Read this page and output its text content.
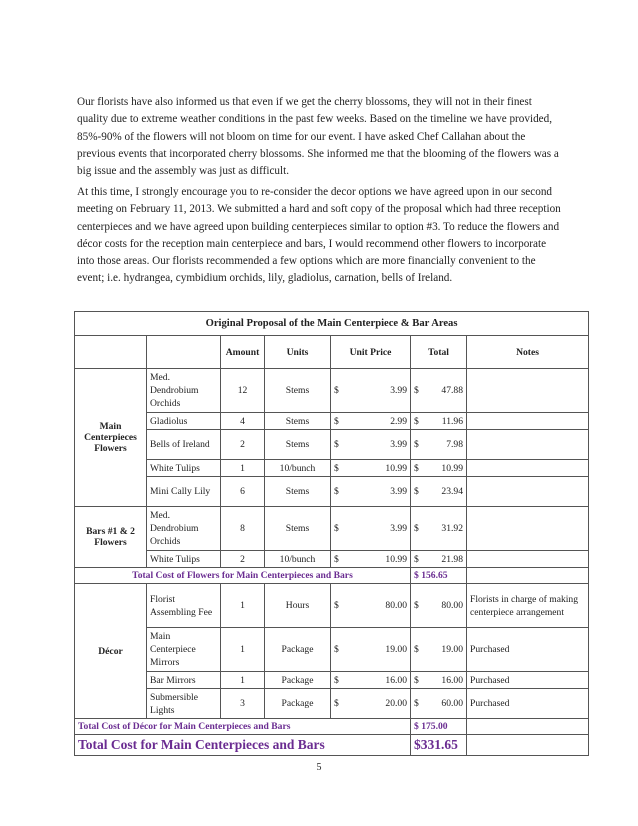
Our florists have also informed us that even if we get the cherry blossoms, they will not in their finest quality due to extreme weather conditions in the past few weeks. Based on the timeline we have provided, 85%-90% of the flowers will not bloom on time for our event. I have asked Chef Callahan about the previous events that incorporated cherry blossoms. She informed me that the blooming of the flowers was a big issue and the assembly was just as difficult.

At this time, I strongly encourage you to re-consider the decor options we have agreed upon in our second meeting on February 11, 2013. We submitted a hard and soft copy of the proposal which had three reception centerpieces and we have agreed upon building centerpieces similar to option #3. To reduce the flowers and décor costs for the reception main centerpiece and bars, I would recommend other flowers to incorporate into those areas. Our florists recommended a few options which are more financially convenient to the event; i.e. hydrangea, cymbidium orchids, lily, gladiolus, carnation, bells of Ireland.

Original Proposal of the Main Centerpiece & Bar Areas						
		Amount	Units	Unit Price	Total	Notes
Main Centerpieces Flowers	Med. Dendrobium Orchids	12	Stems	$ 3.99	$ 47.88	

	Gladiolus	4	Stems	$ 2.99	$ 11.96	

	Bells of Ireland	2	Stems	$ 3.99	$ 7.98	

	White Tulips	1	10/bunch	$ 10.99	$ 10.99	

	Mini Cally Lily	6	Stems	$ 3.99	$ 23.94	

Bars #1 & 2 Flowers	Med. Dendrobium Orchids	8	Stems	$ 3.99	$ 31.92	

	White Tulips	2	10/bunch	$ 10.99	$ 21.98	

Total Cost of Flowers for Main Centerpieces and Bars					$ 156.65	
Décor	Florist Assembling Fee	1	Hours	$ 80.00	$ 80.00	Florists in charge of making centerpiece arrangement
	Main Centerpiece Mirrors	1	Package	$ 19.00	$ 19.00	Purchased
	Bar Mirrors	1	Package	$ 16.00	$ 16.00	Purchased
	Submersible Lights	3	Package	$ 20.00	$ 60.00	Purchased
Total Cost of Décor for Main Centerpieces and Bars					$ 175.00	
Total Cost for Main Centerpieces and Bars					$331.65	
5
